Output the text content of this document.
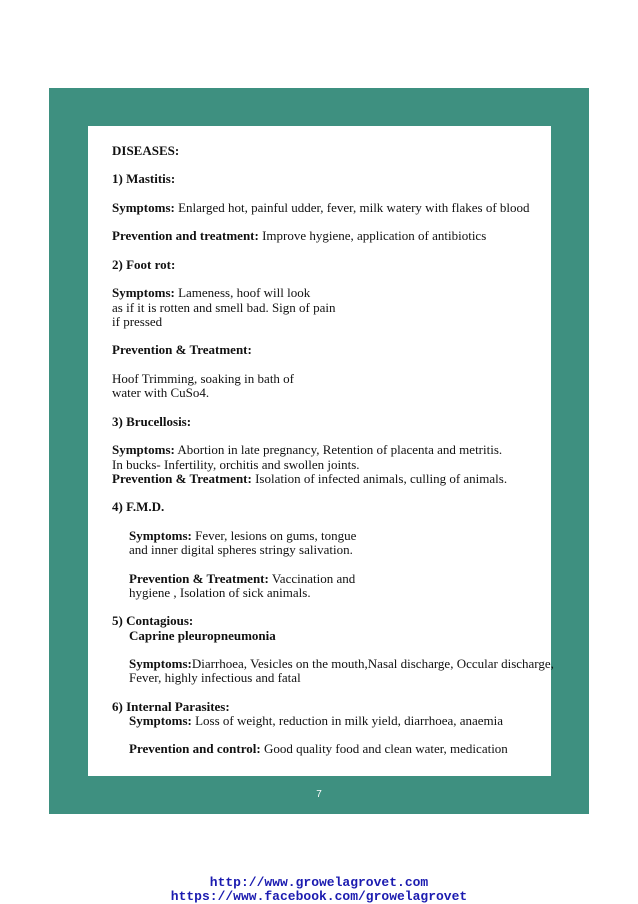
DISEASES:

1) Mastitis:

Symptoms: Enlarged hot, painful udder, fever, milk watery with flakes of blood

Prevention and treatment: Improve hygiene, application of antibiotics

2) Foot rot:

Symptoms: Lameness, hoof will look

as if it is rotten and smell bad. Sign of pain

if pressed

Prevention & Treatment:

Hoof Trimming, soaking in bath of

water with CuSo4.

3) Brucellosis:

Symptoms: Abortion in late pregnancy, Retention of placenta and metritis.

In bucks- Infertility, orchitis and swollen joints.

Prevention & Treatment: Isolation of infected animals, culling of animals.

4) F.M.D.

Symptoms: Fever, lesions on gums, tongue

and inner digital spheres stringy salivation.

Prevention & Treatment: Vaccination and

hygiene , Isolation of sick animals.

5) Contagious:

Caprine pleuropneumonia

Symptoms:Diarrhoea, Vesicles on the mouth,Nasal discharge, Occular discharge,

Fever, highly infectious and fatal

6) Internal Parasites:

Symptoms: Loss of weight, reduction in milk yield, diarrhoea, anaemia

Prevention and control: Good quality food and clean water, medication

7
http://www.growelagrovet.com
https://www.facebook.com/growelagrovet
